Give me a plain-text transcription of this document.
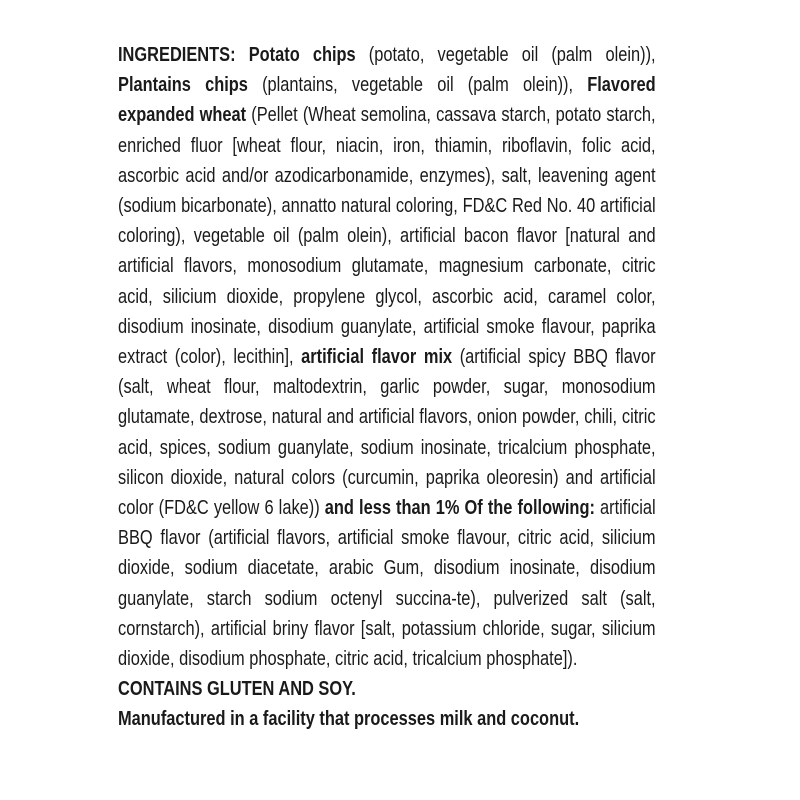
INGREDIENTS: Potato chips (potato, vegetable oil (palm olein)), Plantains chips (plantains, vegetable oil (palm olein)), Flavored expanded wheat (Pellet (Wheat semolina, cassava starch, potato starch, enriched fluor [wheat flour, niacin, iron, thiamin, riboflavin, folic acid, ascorbic acid and/or azodicarbonamide, enzymes), salt, leavening agent (sodium bicarbonate), annatto natural coloring, FD&C Red No. 40 artificial coloring), vegetable oil (palm olein), artificial bacon flavor [natural and artificial flavors, monosodium glutamate, magnesium carbonate, citric acid, silicium dioxide, propylene glycol, ascorbic acid, caramel color, disodium inosinate, disodium guanylate, artificial smoke flavour, paprika extract (color), lecithin], artificial flavor mix (artificial spicy BBQ flavor (salt, wheat flour, maltodextrin, garlic powder, sugar, monosodium glutamate, dextrose, natural and artificial flavors, onion powder, chili, citric acid, spices, sodium guanylate, sodium inosinate, tricalcium phosphate, silicon dioxide, natural colors (curcumin, paprika oleoresin) and artificial color (FD&C yellow 6 lake)) and less than 1% Of the following: artificial BBQ flavor (artificial flavors, artificial smoke flavour, citric acid, silicium dioxide, sodium diacetate, arabic Gum, disodium inosinate, disodium guanylate, starch sodium octenyl succina-te), pulverized salt (salt, cornstarch), artificial briny flavor [salt, potassium chloride, sugar, silicium dioxide, disodium phosphate, citric acid, tricalcium phosphate]).

CONTAINS GLUTEN AND SOY.

Manufactured in a facility that processes milk and coconut.
